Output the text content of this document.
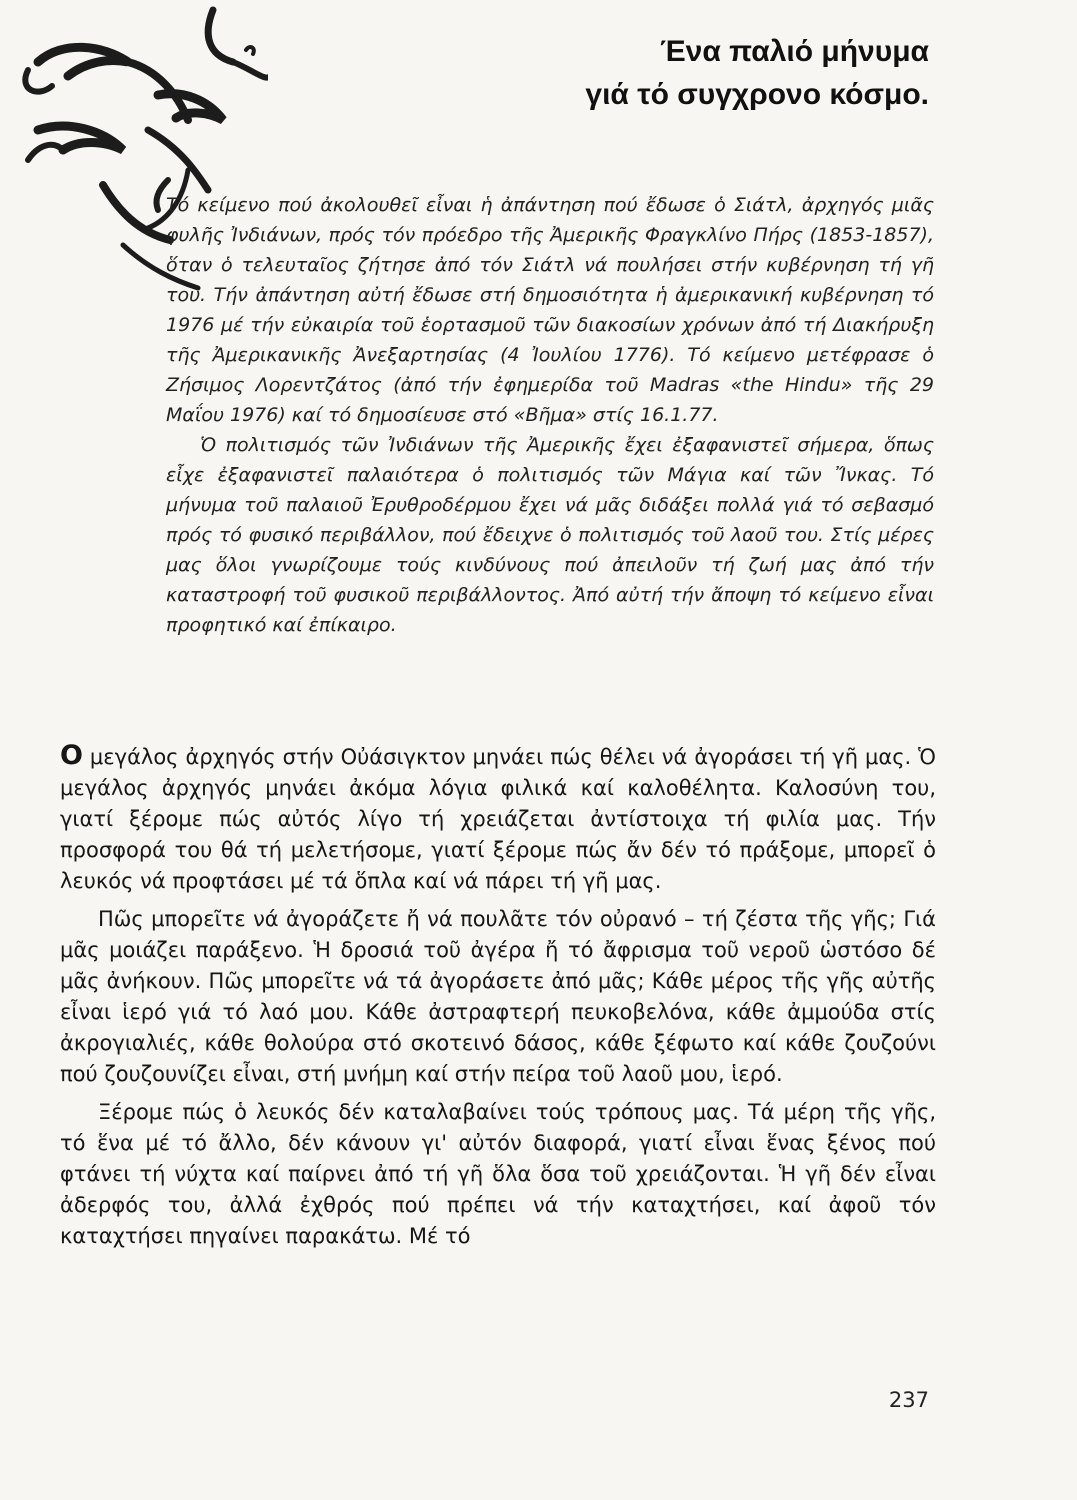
Ένα παλιό μήνυμα
γιά τό συγχρονο κόσμο.

Τό κείμενο πού ἀκολουθεῖ εἶναι ἡ ἀπάντηση πού ἔδωσε ὁ Σιάτλ, ἀρχηγός μιᾶς φυλῆς Ἰνδιάνων, πρός τόν πρόεδρο τῆς Ἀμερικῆς Φραγκλίνο Πήρς (1853-1857), ὅταν ὁ τελευταῖος ζήτησε ἀπό τόν Σιάτλ νά πουλήσει στήν κυβέρνηση τή γῆ του. Τήν ἀπάντηση αὐτή ἔδωσε στή δημοσιότητα ἡ ἀμερικανική κυβέρνηση τό 1976 μέ τήν εὐκαιρία τοῦ ἑορτασμοῦ τῶν διακοσίων χρόνων ἀπό τή Διακήρυξη τῆς Ἀμερικανικῆς Ἀνεξαρτησίας (4 Ἰουλίου 1776). Τό κείμενο μετέφρασε ὁ Ζήσιμος Λορεντζάτος (ἀπό τήν ἐφημερίδα τοῦ Madras «the Hindu» τῆς 29 Μαΐου 1976) καί τό δημοσίευσε στό «Βῆμα» στίς 16.1.77.

Ὁ πολιτισμός τῶν Ἰνδιάνων τῆς Ἀμερικῆς ἔχει ἐξαφανιστεῖ σήμερα, ὅπως εἶχε ἐξαφανιστεῖ παλαιότερα ὁ πολιτισμός τῶν Μάγια καί τῶν Ἴνκας. Τό μήνυμα τοῦ παλαιοῦ Ἐρυθροδέρμου ἔχει νά μᾶς διδάξει πολλά γιά τό σεβασμό πρός τό φυσικό περιβάλλον, πού ἔδειχνε ὁ πολιτισμός τοῦ λαοῦ του. Στίς μέρες μας ὅλοι γνωρίζουμε τούς κινδύνους πού ἀπειλοῦν τή ζωή μας ἀπό τήν καταστροφή τοῦ φυσικοῦ περιβάλλοντος. Ἀπό αὐτή τήν ἄποψη τό κείμενο εἶναι προφητικό καί ἐπίκαιρο.

Ο μεγάλος ἀρχηγός στήν Οὐάσιγκτον μηνάει πώς θέλει νά ἀγοράσει τή γῆ μας. Ὁ μεγάλος ἀρχηγός μηνάει ἀκόμα λόγια φιλικά καί καλοθέλητα. Καλοσύνη του, γιατί ξέρομε πώς αὐτός λίγο τή χρειάζεται ἀντίστοιχα τή φιλία μας. Τήν προσφορά του θά τή μελετήσομε, γιατί ξέρομε πώς ἄν δέν τό πράξομε, μπορεῖ ὁ λευκός νά προφτάσει μέ τά ὅπλα καί νά πάρει τή γῆ μας.

Πῶς μπορεῖτε νά ἀγοράζετε ἤ νά πουλᾶτε τόν οὐρανό – τή ζέστα τῆς γῆς; Γιά μᾶς μοιάζει παράξενο. Ἡ δροσιά τοῦ ἀγέρα ἤ τό ἄφρισμα τοῦ νεροῦ ὡστόσο δέ μᾶς ἀνήκουν. Πῶς μπορεῖτε νά τά ἀγοράσετε ἀπό μᾶς; Κάθε μέρος τῆς γῆς αὐτῆς εἶναι ἱερό γιά τό λαό μου. Κάθε ἀστραφτερή πευκοβελόνα, κάθε ἀμμούδα στίς ἀκρογιαλιές, κάθε θολούρα στό σκοτεινό δάσος, κάθε ξέφωτο καί κάθε ζουζούνι πού ζουζουνίζει εἶναι, στή μνήμη καί στήν πείρα τοῦ λαοῦ μου, ἱερό.

Ξέρομε πώς ὁ λευκός δέν καταλαβαίνει τούς τρόπους μας. Τά μέρη τῆς γῆς, τό ἕνα μέ τό ἄλλο, δέν κάνουν γι' αὐτόν διαφορά, γιατί εἶναι ἕνας ξένος πού φτάνει τή νύχτα καί παίρνει ἀπό τή γῆ ὅλα ὅσα τοῦ χρειάζονται. Ἡ γῆ δέν εἶναι ἀδερφός του, ἀλλά ἐχθρός πού πρέπει νά τήν καταχτήσει, καί ἀφοῦ τόν καταχτήσει πηγαίνει παρακάτω. Μέ τό

237
